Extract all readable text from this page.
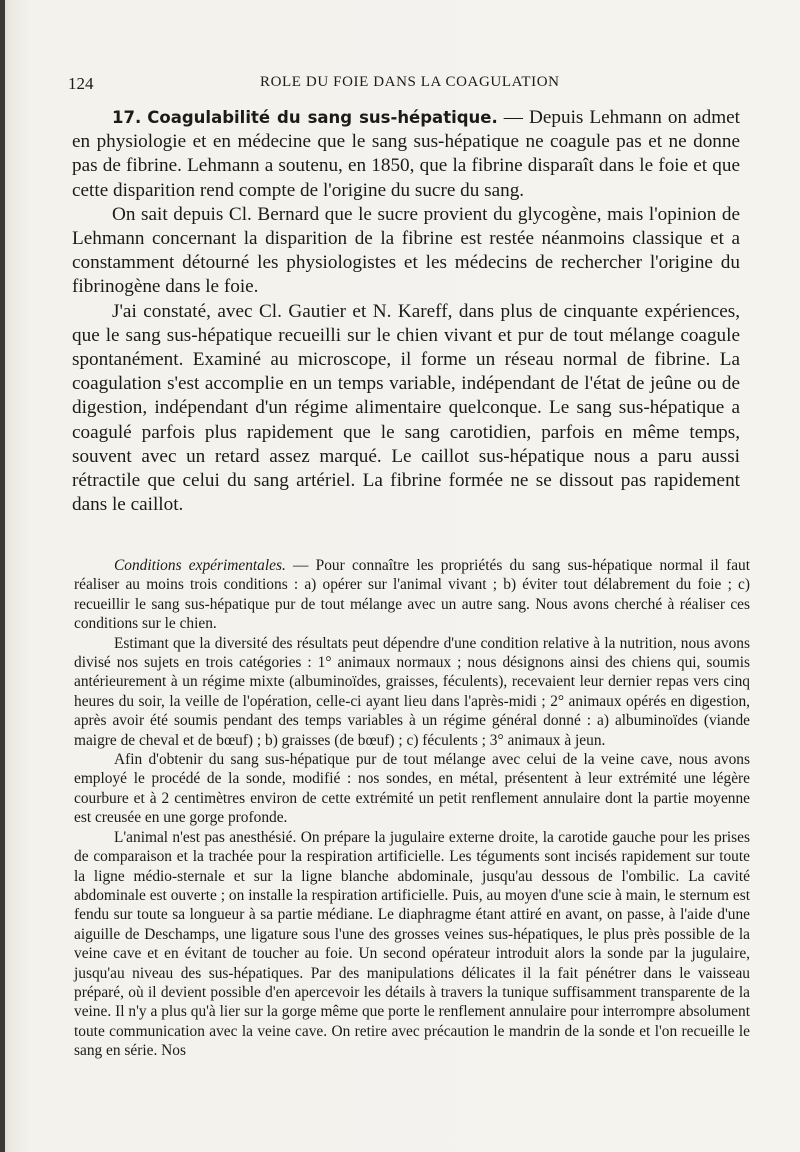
124	ROLE DU FOIE DANS LA COAGULATION

17. Coagulabilité du sang sus-hépatique. — Depuis Lehmann on admet en physiologie et en médecine que le sang sus-hépatique ne coagule pas et ne donne pas de fibrine. Lehmann a soutenu, en 1850, que la fibrine disparaît dans le foie et que cette disparition rend compte de l'origine du sucre du sang.

On sait depuis Cl. Bernard que le sucre provient du glycogène, mais l'opinion de Lehmann concernant la disparition de la fibrine est restée néanmoins classique et a constamment détourné les physiologistes et les médecins de rechercher l'origine du fibrinogène dans le foie.

J'ai constaté, avec Cl. Gautier et N. Kareff, dans plus de cinquante expériences, que le sang sus-hépatique recueilli sur le chien vivant et pur de tout mélange coagule spontanément. Examiné au microscope, il forme un réseau normal de fibrine. La coagulation s'est accomplie en un temps variable, indépendant de l'état de jeûne ou de digestion, indépendant d'un régime alimentaire quelconque. Le sang sus-hépatique a coagulé parfois plus rapidement que le sang carotidien, parfois en même temps, souvent avec un retard assez marqué. Le caillot sus-hépatique nous a paru aussi rétractile que celui du sang artériel. La fibrine formée ne se dissout pas rapidement dans le caillot.

Conditions expérimentales. — Pour connaître les propriétés du sang sus-hépatique normal il faut réaliser au moins trois conditions : a) opérer sur l'animal vivant ; b) éviter tout délabrement du foie ; c) recueillir le sang sus-hépatique pur de tout mélange avec un autre sang. Nous avons cherché à réaliser ces conditions sur le chien.

Estimant que la diversité des résultats peut dépendre d'une condition relative à la nutrition, nous avons divisé nos sujets en trois catégories : 1° animaux normaux ; nous désignons ainsi des chiens qui, soumis antérieurement à un régime mixte (albuminoïdes, graisses, féculents), recevaient leur dernier repas vers cinq heures du soir, la veille de l'opération, celle-ci ayant lieu dans l'après-midi ; 2° animaux opérés en digestion, après avoir été soumis pendant des temps variables à un régime général donné : a) albuminoïdes (viande maigre de cheval et de bœuf) ; b) graisses (de bœuf) ; c) féculents ; 3° animaux à jeun.

Afin d'obtenir du sang sus-hépatique pur de tout mélange avec celui de la veine cave, nous avons employé le procédé de la sonde, modifié : nos sondes, en métal, présentent à leur extrémité une légère courbure et à 2 centimètres environ de cette extrémité un petit renflement annulaire dont la partie moyenne est creusée en une gorge profonde.

L'animal n'est pas anesthésié. On prépare la jugulaire externe droite, la carotide gauche pour les prises de comparaison et la trachée pour la respiration artificielle. Les téguments sont incisés rapidement sur toute la ligne médio-sternale et sur la ligne blanche abdominale, jusqu'au dessous de l'ombilic. La cavité abdominale est ouverte ; on installe la respiration artificielle. Puis, au moyen d'une scie à main, le sternum est fendu sur toute sa longueur à sa partie médiane. Le diaphragme étant attiré en avant, on passe, à l'aide d'une aiguille de Deschamps, une ligature sous l'une des grosses veines sus-hépatiques, le plus près possible de la veine cave et en évitant de toucher au foie. Un second opérateur introduit alors la sonde par la jugulaire, jusqu'au niveau des sus-hépatiques. Par des manipulations délicates il la fait pénétrer dans le vaisseau préparé, où il devient possible d'en apercevoir les détails à travers la tunique suffisamment transparente de la veine. Il n'y a plus qu'à lier sur la gorge même que porte le renflement annulaire pour interrompre absolument toute communication avec la veine cave. On retire avec précaution le mandrin de la sonde et l'on recueille le sang en série. Nos
